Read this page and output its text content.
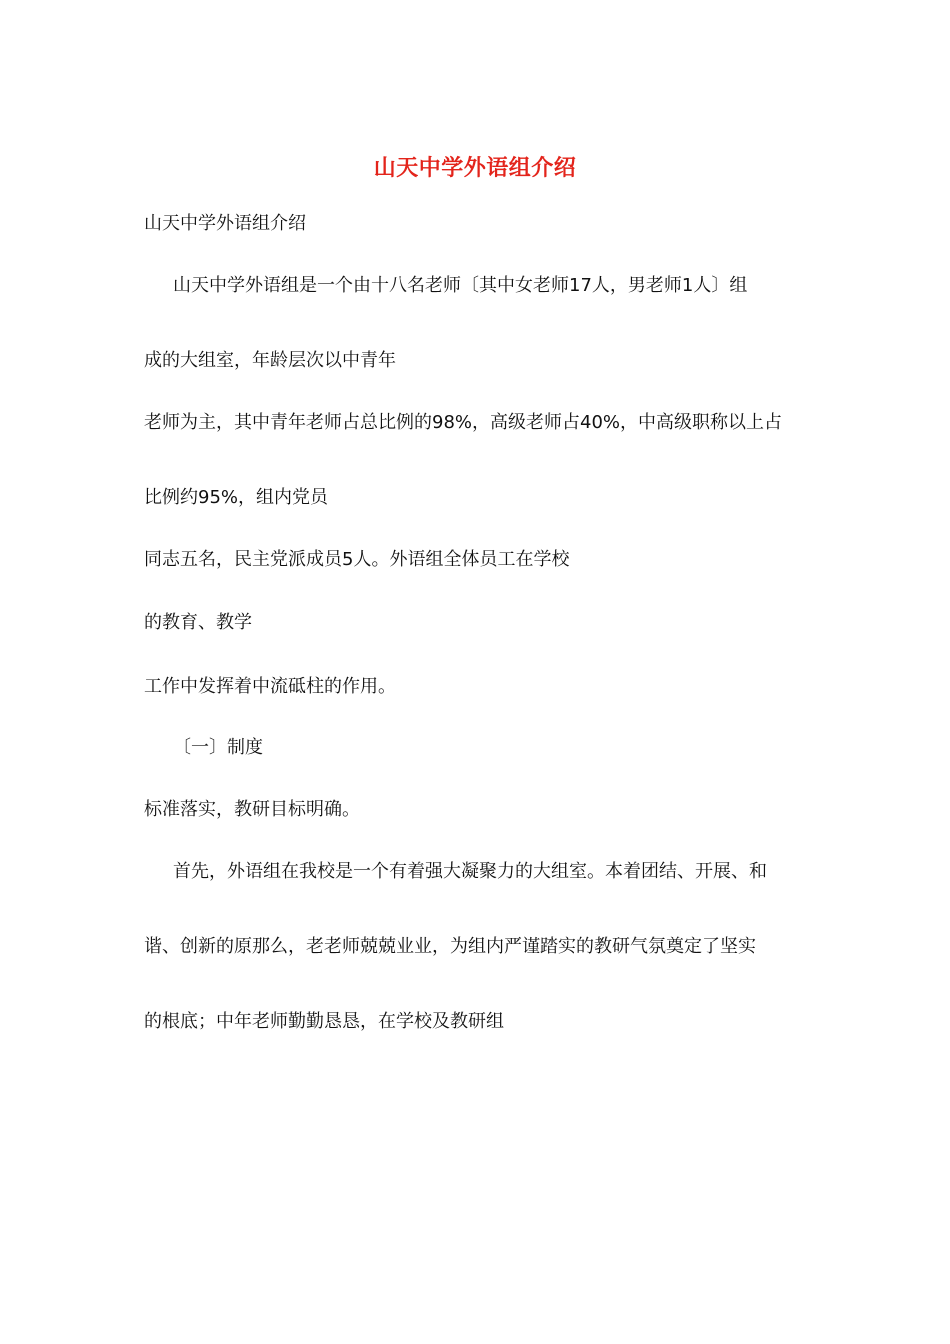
山天中学外语组介绍
山天中学外语组介绍
山天中学外语组是一个由十八名老师〔其中女老师17人，男老师1人〕组
成的大组室，年龄层次以中青年
老师为主，其中青年老师占总比例的98%，高级老师占40%，中高级职称以上占
比例约95%，组内党员
同志五名，民主党派成员5人。外语组全体员工在学校
的教育、教学
工作中发挥着中流砥柱的作用。
〔一〕制度
标准落实，教研目标明确。
首先，外语组在我校是一个有着强大凝聚力的大组室。本着团结、开展、和
谐、创新的原那么，老老师兢兢业业，为组内严谨踏实的教研气氛奠定了坚实
的根底；中年老师勤勤恳恳，在学校及教研组
